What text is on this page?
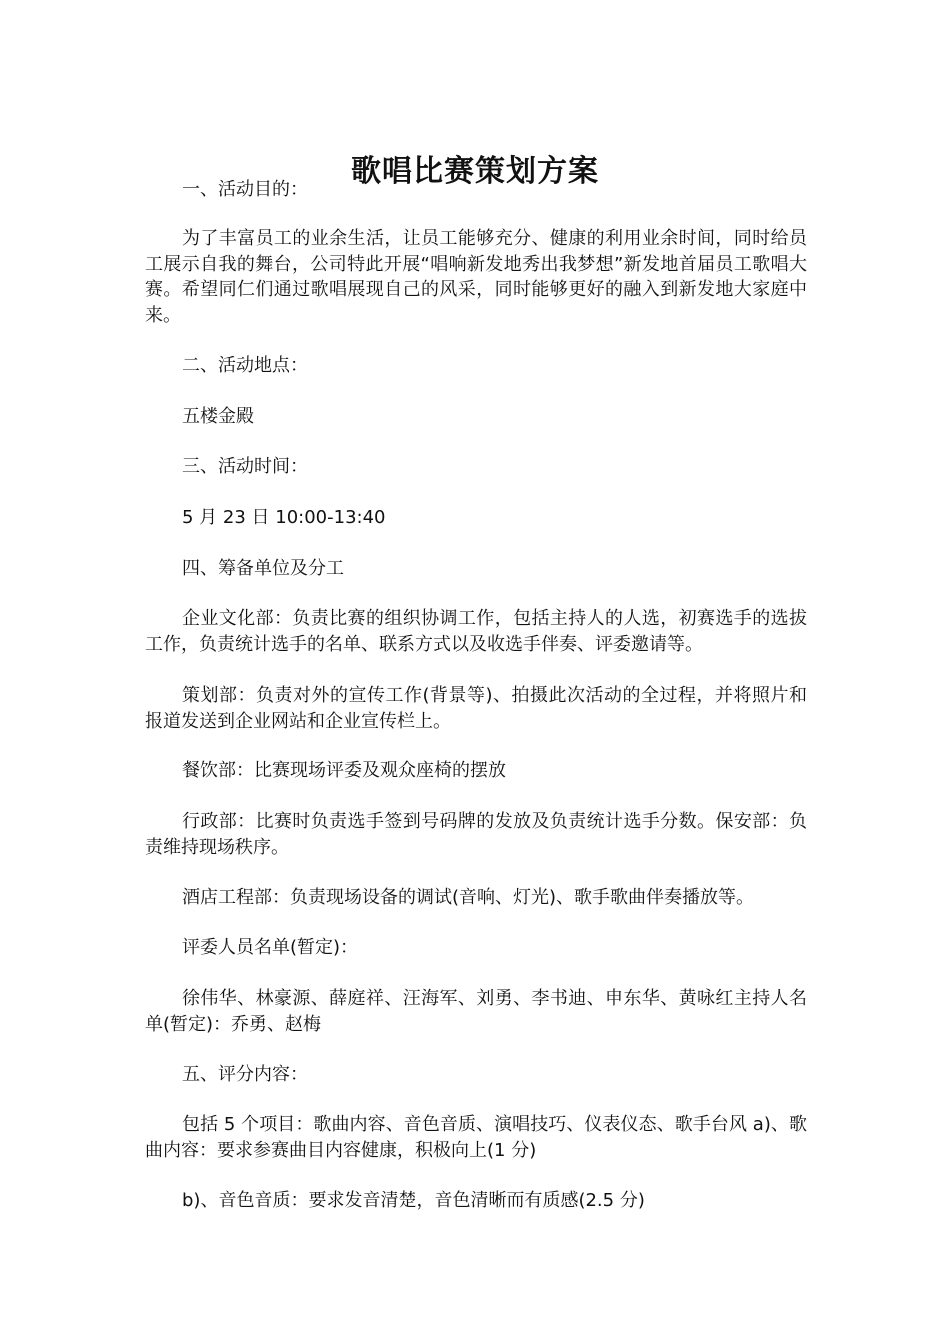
歌唱比赛策划方案

一、活动目的：

为了丰富员工的业余生活，让员工能够充分、健康的利用业余时间，同时给员工展示自我的舞台，公司特此开展“唱响新发地秀出我梦想”新发地首届员工歌唱大赛。希望同仁们通过歌唱展现自己的风采，同时能够更好的融入到新发地大家庭中来。

二、活动地点：

五楼金殿

三、活动时间：

5 月 23 日 10:00-13:40

四、筹备单位及分工

企业文化部：负责比赛的组织协调工作，包括主持人的人选，初赛选手的选拔工作，负责统计选手的名单、联系方式以及收选手伴奏、评委邀请等。

策划部：负责对外的宣传工作(背景等)、拍摄此次活动的全过程，并将照片和报道发送到企业网站和企业宣传栏上。

餐饮部：比赛现场评委及观众座椅的摆放

行政部：比赛时负责选手签到号码牌的发放及负责统计选手分数。保安部：负责维持现场秩序。

酒店工程部：负责现场设备的调试(音响、灯光)、歌手歌曲伴奏播放等。

评委人员名单(暂定)：

徐伟华、林豪源、薛庭祥、汪海军、刘勇、李书迪、申东华、黄咏红主持人名单(暂定)：乔勇、赵梅

五、评分内容：

包括 5 个项目：歌曲内容、音色音质、演唱技巧、仪表仪态、歌手台风 a)、歌曲内容：要求参赛曲目内容健康，积极向上(1 分)

b)、音色音质：要求发音清楚，音色清晰而有质感(2.5 分)
